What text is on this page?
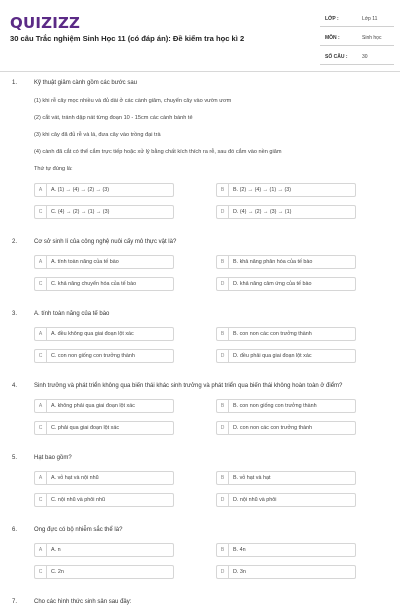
QUIZIZZ
30 câu Trắc nghiệm Sinh Học 11 (có đáp án): Đề kiểm tra học kì 2
LỚP :	Lớp 11
MÔN :	Sinh học
SỐ CÂU :	30
1.	Kỹ thuật giâm cành gồm các bước sau
(1) khi rễ cây mọc nhiều và đủ dài ở các cành giâm, chuyển cây vào vườn ươm
(2) cắt vát, tránh dập nát từng đoạn 10 - 15cm các cành bánh tẻ
(3) khi cây đã đủ rễ và lá, đưa cây vào trồng đại trà
(4) cành đã cắt có thể cắm trực tiếp hoặc xử lý bằng chất kích thích ra rễ, sau đó cắm vào nền giâm
Thứ tự đúng là:
A	A. (1) → (4) → (2) → (3)	B	B. (2) → (4) → (1) → (3)
C	C. (4) → (2) → (1) → (3)	D	D. (4) → (2) → (3) → (1)
2.	Cơ sở sinh lí của công nghệ nuôi cấy mô thực vật là?
A	A. tính toàn năng của tế bào	B	B. khả năng phân hóa của tế bào
C	C. khả năng chuyển hóa của tế bào	D	D. khả năng cảm ứng của tế bào
3.	A. tính toàn năng của tế bào
A	A. đều không qua giai đoạn lột xác	B	B. con non các con trưởng thành
C	C. con non giống con trưởng thành	D	D. đều phải qua giai đoạn lột xác
4.	Sinh trưởng và phát triển không qua biến thái khác sinh trưởng và phát triển qua biến thái không hoàn toàn ở điểm?
A	A. không phải qua giai đoạn lột xác	B	B. con non giống con trưởng thành
C	C. phải qua giai đoạn lột xác	D	D. con non các con trưởng thành
5.	Hạt bao gồm?
A	A. vỏ hạt và nội nhũ	B	B. vỏ hạt và hạt
C	C. nội nhũ và phôi nhũ	D	D. nội nhũ và phôi
6.	Ong đực có bộ nhiễm sắc thể là?
A	A. n	B	B. 4n
C	C. 2n	D	D. 3n
7.	Cho các hình thức sinh sản sau đây:
